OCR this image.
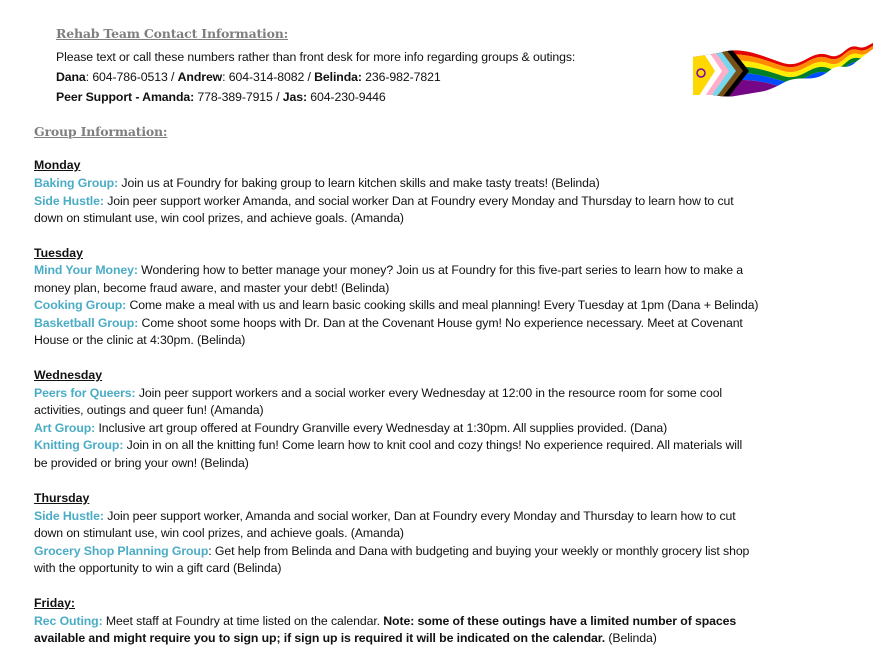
Rehab Team Contact Information:
Please text or call these numbers rather than front desk for more info regarding groups & outings:
Dana: 604-786-0513 / Andrew: 604-314-8082 / Belinda: 236-982-7821
Peer Support - Amanda: 778-389-7915 / Jas: 604-230-9446
Group Information:
Monday
Baking Group: Join us at Foundry for baking group to learn kitchen skills and make tasty treats! (Belinda)
Side Hustle: Join peer support worker Amanda, and social worker Dan at Foundry every Monday and Thursday to learn how to cut
down on stimulant use, win cool prizes, and achieve goals. (Amanda)
Tuesday
Mind Your Money: Wondering how to better manage your money? Join us at Foundry for this five-part series to learn how to make a
money plan, become fraud aware, and master your debt! (Belinda)
Cooking Group: Come make a meal with us and learn basic cooking skills and meal planning! Every Tuesday at 1pm (Dana + Belinda)
Basketball Group: Come shoot some hoops with Dr. Dan at the Covenant House gym! No experience necessary. Meet at Covenant
House or the clinic at 4:30pm. (Belinda)
Wednesday
Peers for Queers: Join peer support workers and a social worker every Wednesday at 12:00 in the resource room for some cool
activities, outings and queer fun! (Amanda)
Art Group: Inclusive art group offered at Foundry Granville every Wednesday at 1:30pm. All supplies provided. (Dana)
Knitting Group: Join in on all the knitting fun! Come learn how to knit cool and cozy things! No experience required. All materials will
be provided or bring your own! (Belinda)
Thursday
Side Hustle: Join peer support worker, Amanda and social worker, Dan at Foundry every Monday and Thursday to learn how to cut
down on stimulant use, win cool prizes, and achieve goals. (Amanda)
Grocery Shop Planning Group: Get help from Belinda and Dana with budgeting and buying your weekly or monthly grocery list shop
with the opportunity to win a gift card (Belinda)
Friday:
Rec Outing: Meet staff at Foundry at time listed on the calendar. Note: some of these outings have a limited number of spaces
available and might require you to sign up; if sign up is required it will be indicated on the calendar. (Belinda)
